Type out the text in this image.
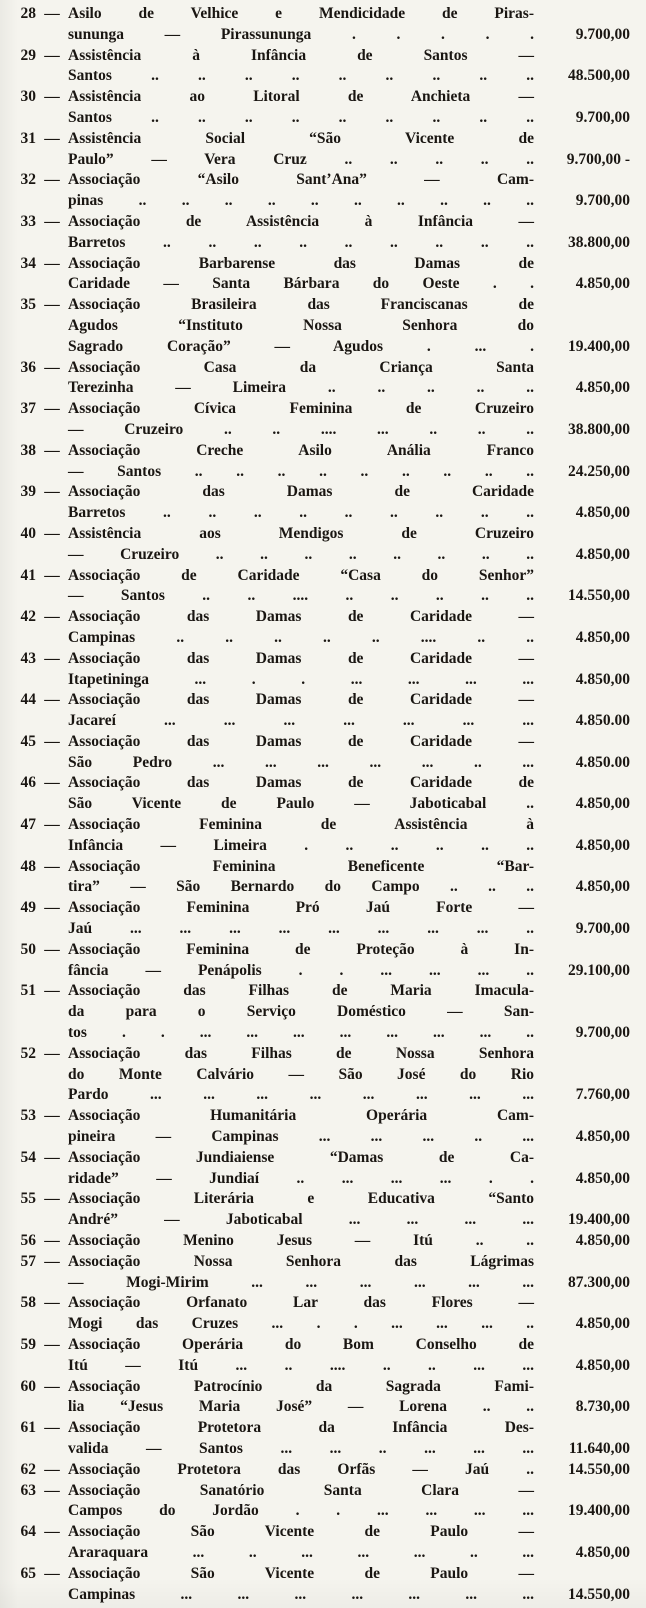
28 — Asilo de Velhice e Mendicidade de Piras-
sununga — Pirassununga . . . . .	9.700,00
29 — Assistência à Infância de Santos —
Santos .. .. .. .. .. .. .. .. ..	48.500,00
30 — Assistência ao Litoral de Anchieta —
Santos .. .. .. .. .. .. .. .. ..	9.700,00
31 — Assistência Social “São Vicente de
Paulo” — Vera Cruz .. .. .. .. ..	9.700,00 -
32 — Associação “Asilo Sant’Ana” — Cam-
pinas .. .. .. .. .. .. .. .. .. ..	9.700,00
33 — Associação de Assistência à Infância —
Barretos .. .. .. .. .. .. .. .. ..	38.800,00
34 — Associação Barbarense das Damas de
Caridade — Santa Bárbara do Oeste . .	4.850,00
35 — Associação Brasileira das Franciscanas de
Agudos “Instituto Nossa Senhora do
Sagrado Coração” — Agudos . ... .	19.400,00
36 — Associação Casa da Criança Santa
Terezinha — Limeira .. .. .. .. ..	4.850,00
37 — Associação Cívica Feminina de Cruzeiro
— Cruzeiro .. .. .... ... .. .. ..	38.800,00
38 — Associação Creche Asilo Anália Franco
— Santos .. .. .. .. .. .. .. .. ..	24.250,00
39 — Associação das Damas de Caridade
Barretos .. .. .. .. .. .. .. .. ..	4.850,00
40 — Assistência aos Mendigos de Cruzeiro
— Cruzeiro .. .. .. .. .. .. .. ..	4.850,00
41 — Associação de Caridade “Casa do Senhor”
— Santos .. .. .... .. .. .. .. ..	14.550,00
42 — Associação das Damas de Caridade —
Campinas .. .. .. .. .. .... .. ..	4.850,00
43 — Associação das Damas de Caridade —
Itapetininga ... . . ... ... ... ...	4.850,00
44 — Associação das Damas de Caridade —
Jacareí ... ... ... ... ... ... ...	4.850.00
45 — Associação das Damas de Caridade —
São Pedro ... ... ... ... ... .. ...	4.850.00
46 — Associação das Damas de Caridade de
São Vicente de Paulo — Jaboticabal ..	4.850,00
47 — Associação Feminina de Assistência à
Infância — Limeira . .. .. .. .. ..	4.850,00
48 — Associação Feminina Beneficente “Bar-
tira” — São Bernardo do Campo .. .. ..	4.850,00
49 — Associação Feminina Pró Jaú Forte —
Jaú ... ... ... ... ... ... ... ... ..	9.700,00
50 — Associação Feminina de Proteção à In-
fância — Penápolis . . ... ... ... ..	29.100,00
51 — Associação das Filhas de Maria Imacula-
da para o Serviço Doméstico — San-
tos . . ... ... ... ... ... ... ... ..	9.700,00
52 — Associação das Filhas de Nossa Senhora
do Monte Calvário — São José do Rio
Pardo ... ... ... ... ... ... ... ...	7.760,00
53 — Associação Humanitária Operária Cam-
pineira — Campinas ... ... ... .. ...	4.850,00
54 — Associação Jundiaiense “Damas de Ca-
ridade” — Jundiaí .. ... ... ... . .	4.850,00
55 — Associação Literária e Educativa “Santo
André” — Jaboticabal ... ... ... ...	19.400,00
56 — Associação Menino Jesus — Itú .. ..	4.850,00
57 — Associação Nossa Senhora das Lágrimas
— Mogi-Mirim ... ... ... ... ... ...	87.300,00
58 — Associação Orfanato Lar das Flores —
Mogi das Cruzes ... . . ... ... ... ..	4.850,00
59 — Associação Operária do Bom Conselho de
Itú — Itú ... .. .... .. .. ... ...	4.850,00
60 — Associação Patrocínio da Sagrada Fami-
lia “Jesus Maria José” — Lorena .. ..	8.730,00
61 — Associação Protetora da Infância Des-
valida — Santos ... ... .. ... ... ...	11.640,00
62 — Associação Protetora das Orfãs — Jaú ..	14.550,00
63 — Associação Sanatório Santa Clara —
Campos do Jordão . . ... ... ... ...	19.400,00
64 — Associação São Vicente de Paulo —
Araraquara ... .. ... ... ... .. ...	4.850,00
65 — Associação São Vicente de Paulo —
Campinas ... ... ... ... ... ... ...	14.550,00
